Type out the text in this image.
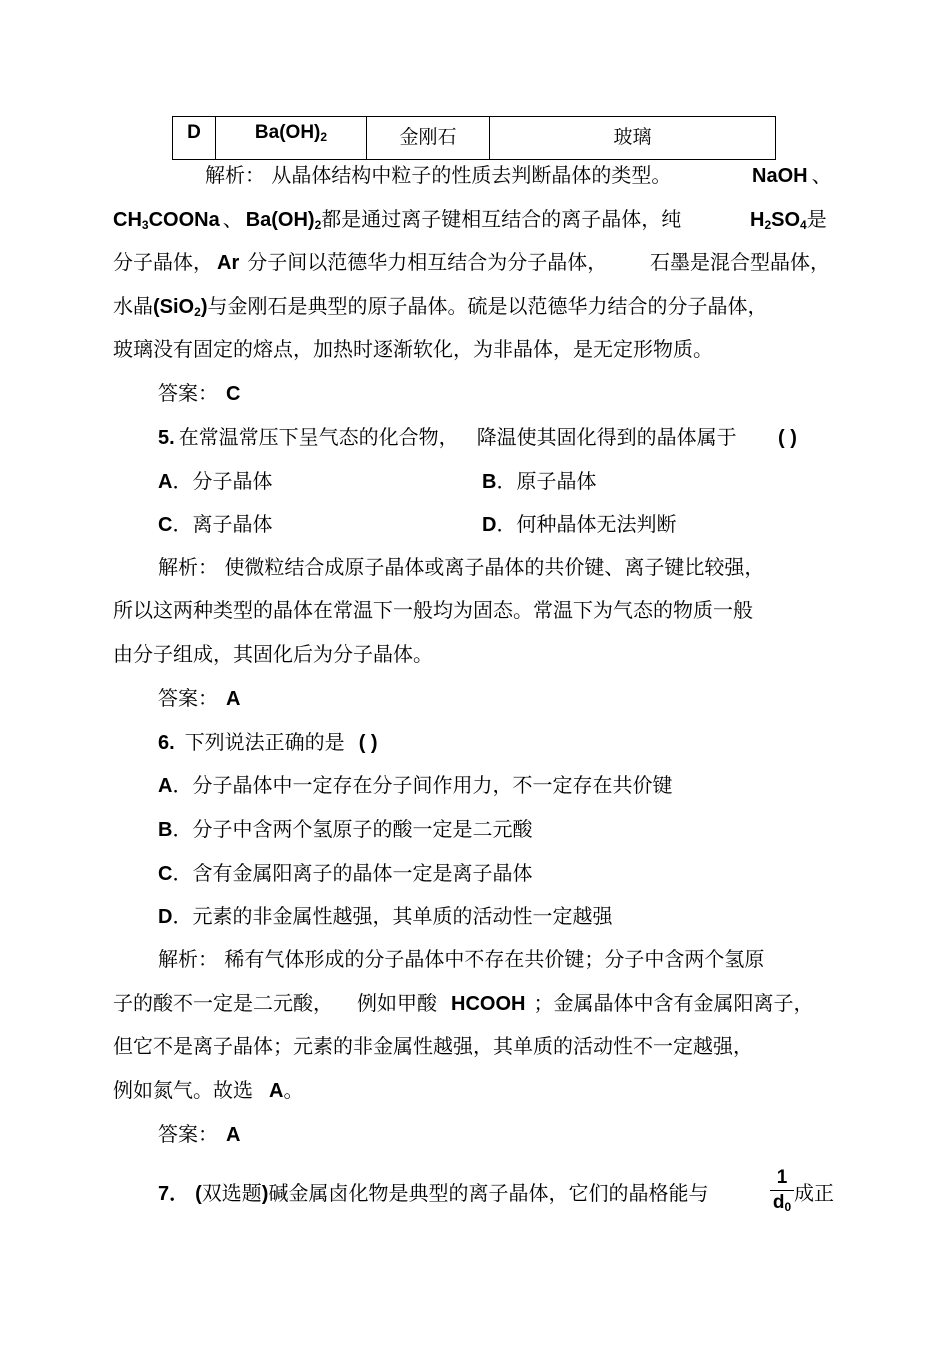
D	$Ba(OH)_2$	金刚石	玻璃
解析： 从晶体结构中粒子的性质去判断晶体的类型。	NaOH 、
$CH_3COONa$ 、 $Ba(OH)_2$都是通过离子键相互结合的离子晶体，纯	$H_2SO_4$是
分子晶体， Ar 分子间以范德华力相互结合为分子晶体， 石墨是混合型晶体，
水晶(SiO$_2$)与金刚石是典型的原子晶体。硫是以范德华力结合的分子晶体，
玻璃没有固定的熔点，加热时逐渐软化，为非晶体，是无定形物质。
答案： C
5. 在常温常压下呈气态的化合物， 降温使其固化得到的晶体属于 ( )
A．分子晶体	B．原子晶体
C．离子晶体	D．何种晶体无法判断
解析： 使微粒结合成原子晶体或离子晶体的共价键、离子键比较强，
所以这两种类型的晶体在常温下一般均为固态。常温下为气态的物质一般
由分子组成，其固化后为分子晶体。
答案： A
6. 下列说法正确的是 ( )
A．分子晶体中一定存在分子间作用力，不一定存在共价键
B．分子中含两个氢原子的酸一定是二元酸
C．含有金属阳离子的晶体一定是离子晶体
D．元素的非金属性越强，其单质的活动性一定越强
解析： 稀有气体形成的分子晶体中不存在共价键；分子中含两个氢原
子的酸不一定是二元酸， 例如甲酸 HCOOH ；金属晶体中含有金属阳离子，
但它不是离子晶体；元素的非金属性越强，其单质的活动性不一定越强，
例如氮气。故选 A。
答案： A
7． (双选题)碱金属卤化物是典型的离子晶体，它们的晶格能与	$\frac{1}{d_0}$ 成正
